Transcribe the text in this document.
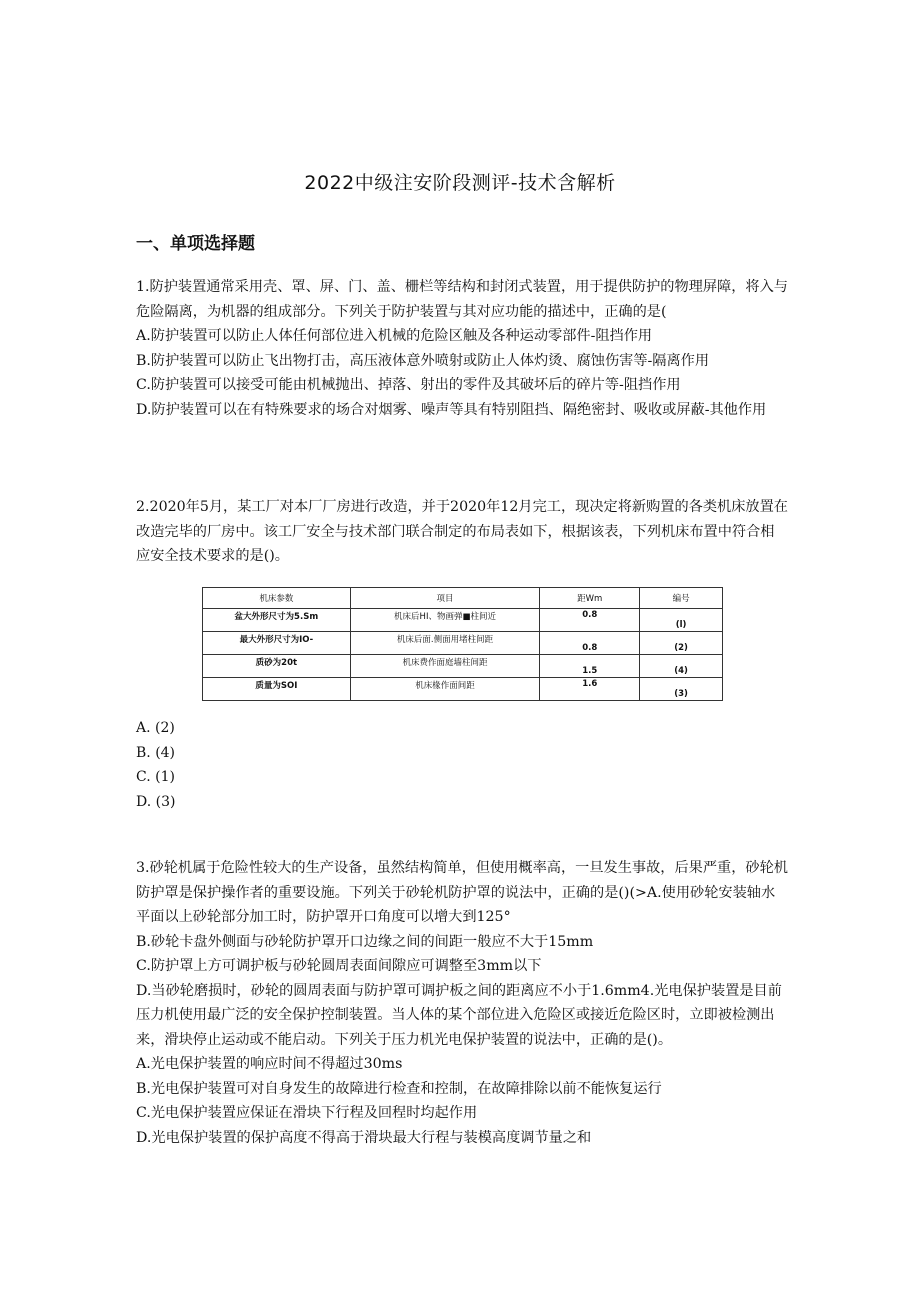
2022中级注安阶段测评-技术含解析
一、单项选择题

1.防护装置通常采用壳、罩、屏、门、盖、栅栏等结构和封闭式装置，用于提供防护的物理屏障，将入与危险隔离，为机器的组成部分。下列关于防护装置与其对应功能的描述中，正确的是(

A.防护装置可以防止人体任何部位进入机械的危险区触及各种运动零部件-阻挡作用

B.防护装置可以防止飞出物打击，高压液体意外喷射或防止人体灼烫、腐蚀伤害等-隔离作用

C.防护装置可以接受可能由机械抛出、掉落、射出的零件及其破坏后的碎片等-阻挡作用

D.防护装置可以在有特殊要求的场合对烟雾、噪声等具有特别阻挡、隔绝密封、吸收或屏蔽-其他作用

2.2020年5月，某工厂对本厂厂房进行改造，并于2020年12月完工，现决定将新购置的各类机床放置在改造完毕的厂房中。该工厂安全与技术部门联合制定的布局表如下，根据该表，下列机床布置中符合相应安全技术要求的是()。

机床参数	项目	距Wm	编号
盆大外形尺寸为5.Sm	机床后HI、物画弹■柱间近	0.8	(l)
最大外形尺寸为IO-	机床后面.侧面用堵柱间距	0.8	(2)
质砂为20t	机床费作面庭墙柱间距	1.5	(4)
质量为SOI	机床椽作面间距	1.6	(3)

A. (2)

B. (4)

C. (1)

D. (3)

3.砂轮机属于危险性较大的生产设备，虽然结构简单，但使用概率高，一旦发生事故，后果严重，砂轮机防护罩是保护操作者的重要设施。下列关于砂轮机防护罩的说法中，正确的是()(>A.使用砂轮安装轴水平面以上砂轮部分加工时，防护罩开口角度可以增大到125°

B.砂轮卡盘外侧面与砂轮防护罩开口边缘之间的间距一般应不大于15mm

C.防护罩上方可调护板与砂轮圆周表面间隙应可调整至3mm以下

D.当砂轮磨损时，砂轮的圆周表面与防护罩可调护板之间的距离应不小于1.6mm4.光电保护装置是目前压力机使用最广泛的安全保护控制装置。当人体的某个部位进入危险区或接近危险区时，立即被检测出来，滑块停止运动或不能启动。下列关于压力机光电保护装置的说法中，正确的是()。

A.光电保护装置的响应时间不得超过30ms

B.光电保护装置可对自身发生的故障进行检查和控制，在故障排除以前不能恢复运行

C.光电保护装置应保证在滑块下行程及回程时均起作用

D.光电保护装置的保护高度不得高于滑块最大行程与装模高度调节量之和
